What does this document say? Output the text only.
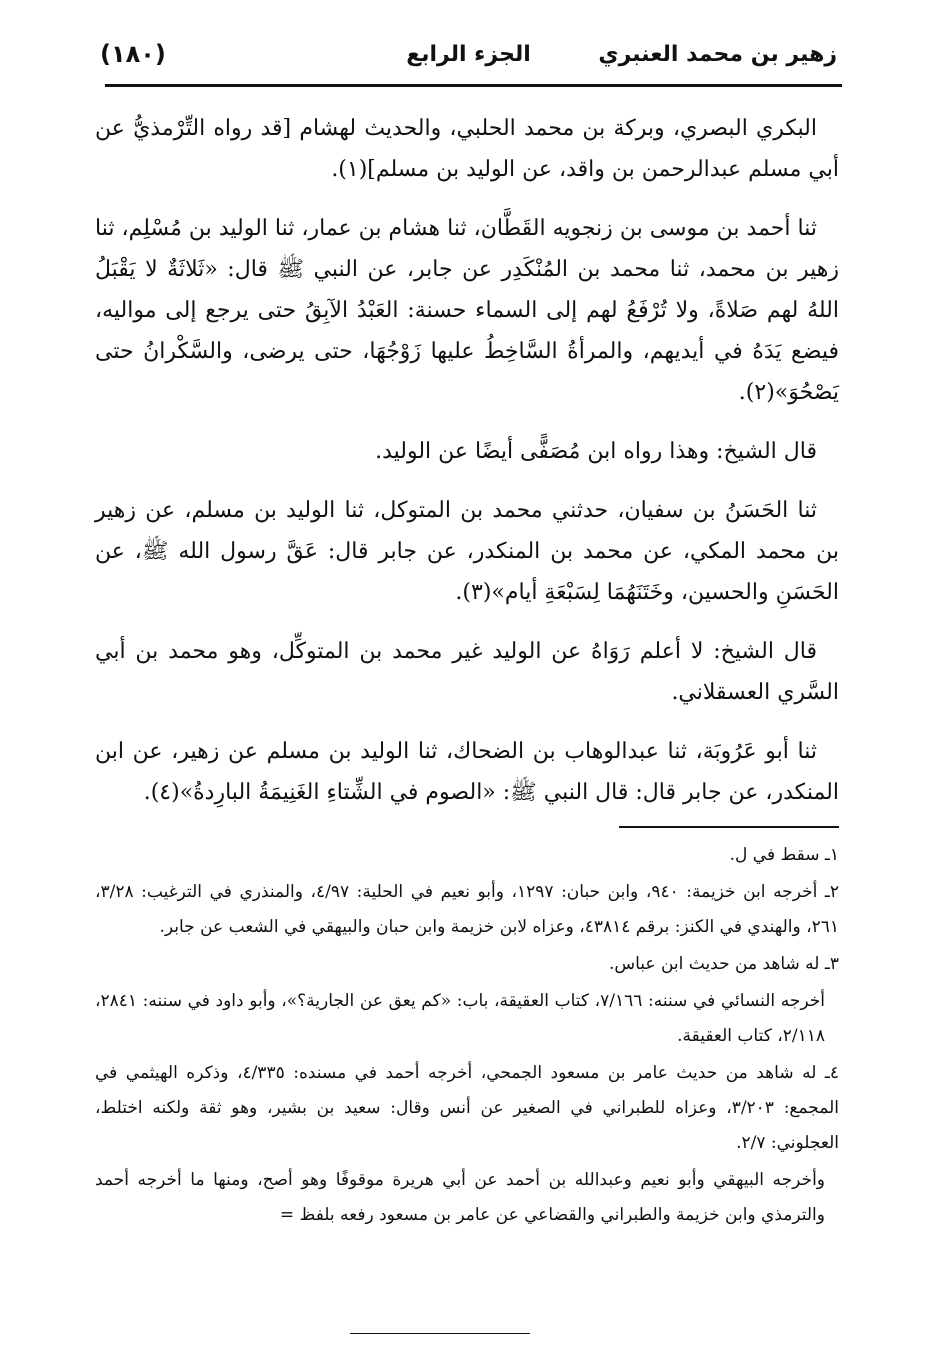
زهير بن محمد العنبري
الجزء الرابع
(١٨٠)

البكري البصري، وبركة بن محمد الحلبي، والحديث لهشام [قد رواه التِّرْمذيُّ عن أبي مسلم عبدالرحمن بن واقد، عن الوليد بن مسلم](١).

ثنا أحمد بن موسى بن زنجويه القَطَّان، ثنا هشام بن عمار، ثنا الوليد بن مُسْلِم، ثنا زهير بن محمد، ثنا محمد بن المُنْكَدِر عن جابر، عن النبي ﷺ قال: «ثَلاثَةٌ لا يَقْبَلُ اللهُ لهم صَلاةً، ولا تُرْفَعُ لهم إلى السماء حسنة: العَبْدُ الآبِقُ حتى يرجع إلى مواليه، فيضع يَدَهُ في أيديهم، والمرأةُ السَّاخِطُ عليها زَوْجُهَا، حتى يرضى، والسَّكْرانُ حتى يَصْحُوَ»(٢).

قال الشيخ: وهذا رواه ابن مُصَفًّى أيضًا عن الوليد.

ثنا الحَسَنُ بن سفيان، حدثني محمد بن المتوكل، ثنا الوليد بن مسلم، عن زهير بن محمد المكي، عن محمد بن المنكدر، عن جابر قال: عَقَّ رسول الله ﷺ، عن الحَسَنِ والحسين، وخَتَنَهُمَا لِسَبْعَةِ أيام»(٣).

قال الشيخ: لا أعلم رَوَاهُ عن الوليد غير محمد بن المتوكِّل، وهو محمد بن أبي السَّري العسقلاني.

ثنا أبو عَرُوبَة، ثنا عبدالوهاب بن الضحاك، ثنا الوليد بن مسلم عن زهير، عن ابن المنكدر، عن جابر قال: قال النبي ﷺ: «الصوم في الشِّتاءِ الغَنِيمَةُ البارِدةُ»(٤).

١ـ سقط في ل.

٢ـ أخرجه ابن خزيمة: ٩٤٠، وابن حبان: ١٢٩٧، وأبو نعيم في الحلية: ٤/٩٧، والمنذري في الترغيب: ٣/٢٨، ٢٦١، والهندي في الكنز: برقم ٤٣٨١٤، وعزاه لابن خزيمة وابن حبان والبيهقي في الشعب عن جابر.

٣ـ له شاهد من حديث ابن عباس.

أخرجه النسائي في سننه: ٧/١٦٦، كتاب العقيقة، باب: «كم يعق عن الجارية؟»، وأبو داود في سننه: ٢٨٤١، ٢/١١٨، كتاب العقيقة.

٤ـ له شاهد من حديث عامر بن مسعود الجمحي، أخرجه أحمد في مسنده: ٤/٣٣٥، وذكره الهيثمي في المجمع: ٣/٢٠٣، وعزاه للطبراني في الصغير عن أنس وقال: سعيد بن بشير، وهو ثقة ولكنه اختلط، العجلوني: ٢/٧.

وأخرجه البيهقي وأبو نعيم وعبدالله بن أحمد عن أبي هريرة موقوفًا وهو أصح، ومنها ما أخرجه أحمد والترمذي وابن خزيمة والطبراني والقضاعي عن عامر بن مسعود رفعه بلفظ =
